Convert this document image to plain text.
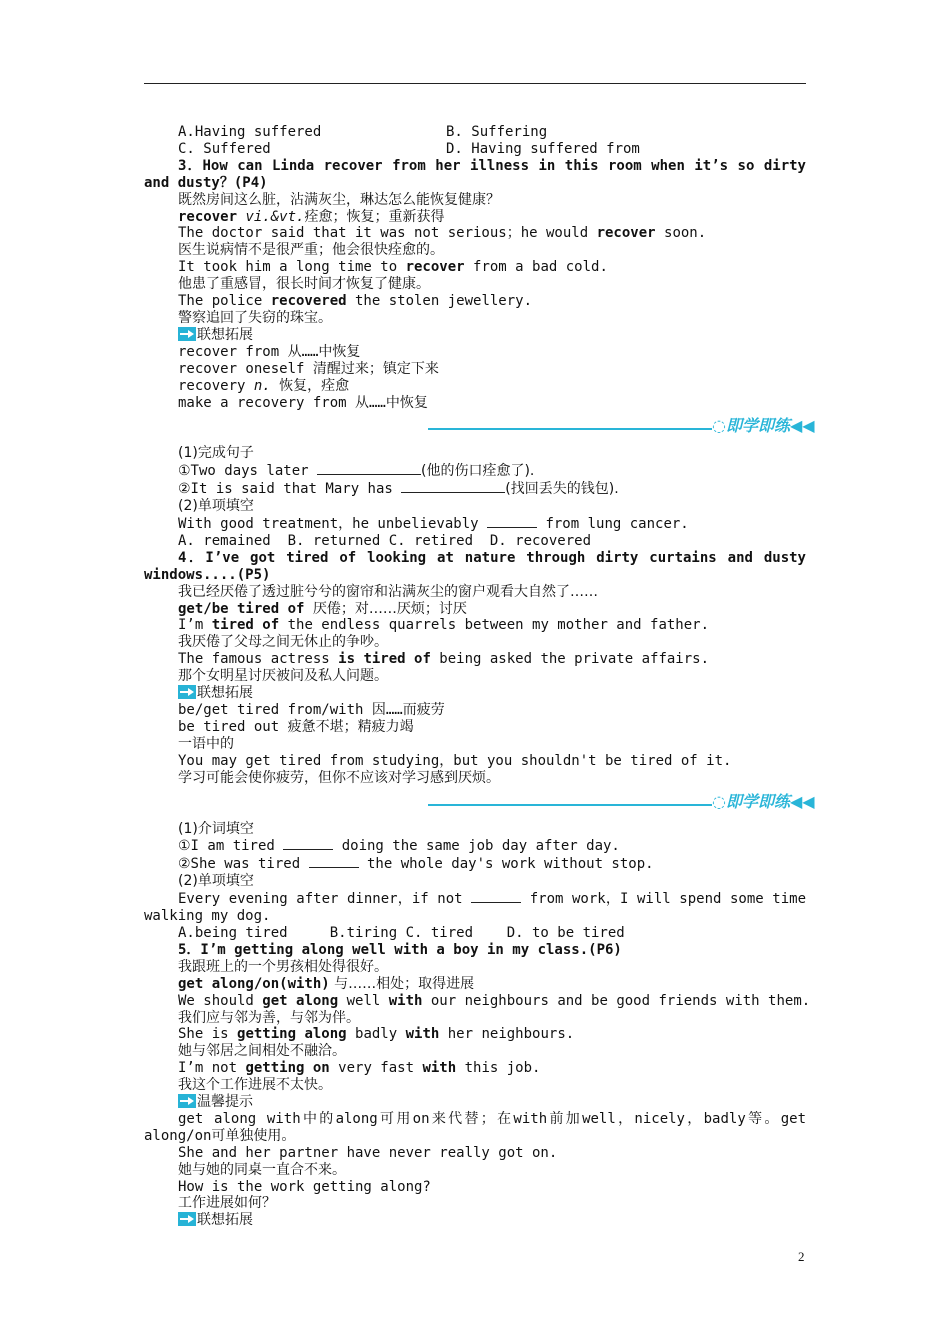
A.Having suffered	B. Suffering
C. Suffered	D. Having suffered from
3．How can Linda recover from her illness in this room when it’s so dirty and dusty？(P4)
既然房间这么脏，沾满灰尘，琳达怎么能恢复健康？
recover vi.&vt.痊愈；恢复；重新获得
The doctor said that it was not serious；he would recover soon.
医生说病情不是很严重；他会很快痊愈的。
It took him a long time to recover from a bad cold.
他患了重感冒，很长时间才恢复了健康。
The police recovered the stolen jewellery.
警察追回了失窃的珠宝。
联想拓展
recover from 从……中恢复
recover oneself 清醒过来；镇定下来
recovery n. 恢复，痊愈
make a recovery from 从……中恢复
◌即学即练◀◀
(1)完成句子
①Two days later	(他的伤口痊愈了).
②It is said that Mary has	(找回丢失的钱包).
(2)单项填空
With good treatment，he unbelievably	from lung cancer.
A. remained  B. returned C. retired  D. recovered
4．I’ve got tired of looking at nature through dirty curtains and dusty windows....(P5)
我已经厌倦了透过脏兮兮的窗帘和沾满灰尘的窗户观看大自然了……
get/be tired of 厌倦；对……厌烦；讨厌
I’m tired of the endless quarrels between my mother and father.
我厌倦了父母之间无休止的争吵。
The famous actress is tired of being asked the private affairs.
那个女明星讨厌被问及私人问题。
联想拓展
be/get tired from/with 因……而疲劳
be tired out 疲惫不堪；精疲力竭
一语中的
You may get tired from studying，but you shouldn't be tired of it.
学习可能会使你疲劳，但你不应该对学习感到厌烦。
◌即学即练◀◀
(1)介词填空
①I am tired	doing the same job day after day.
②She was tired	the whole day's work without stop.
(2)单项填空
Every evening after dinner，if not	from work，I will spend some time walking my dog.
A.being tired     B.tiring C. tired    D. to be tired
5．I’m getting along well with a boy in my class.(P6)
我跟班上的一个男孩相处得很好。
get along/on(with) 与……相处；取得进展
We should get along well with our neighbours and be good friends with them.
我们应与邻为善，与邻为伴。
She is getting along badly with her neighbours.
她与邻居之间相处不融洽。
I’m not getting on very fast with this job.
我这个工作进展不太快。
温馨提示
get along with中的along可用on来代替；在with前加well，nicely，badly等。get along/on可单独使用。
She and her partner have never really got on.
她与她的同桌一直合不来。
How is the work getting along?
工作进展如何？
联想拓展
2
